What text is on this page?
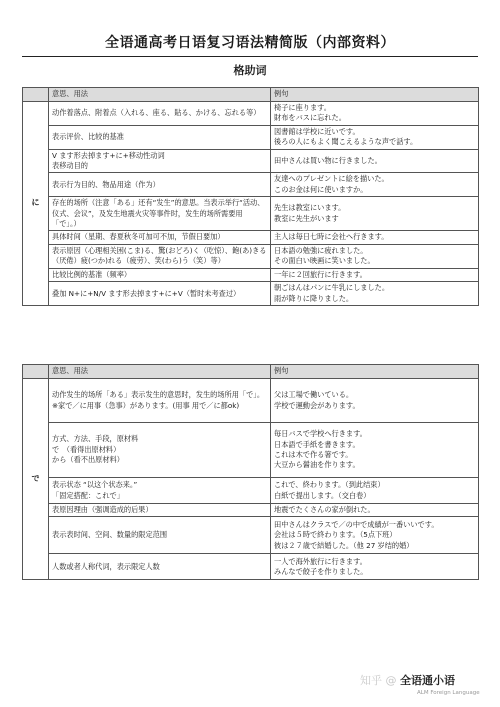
全语通高考日语复习语法精简版（内部资料）
格助词
	意思、用法	例句
に	动作着落点、附着点（入れる、座る、貼る、かける、忘れる等）	椅子に座ります。
財布をバスに忘れた。

	表示评价、比较的基准	図書館は学校に近いです。
後ろの人にもよく聞こえるような声で話す。

	V ます形去掉ます+に+移动性动词
表移动目的	田中さんは買い物に行きました。

	表示行为目的、物品用途（作为）	友達へのプレゼントに絵を描いた。
このお金は何に使いますか。

	存在的场所（注意「ある」还有“发生”的意思。当表示举行“活动、仪式、会议”，及发生地震火灾等事件时，发生的场所需要用「で」。）	先生は教室にいます。
教室に先生がいます

	具体时间（星期、春夏秋冬可加可不加，节假日要加）	主人は毎日七時に会社へ行きます。

	表示原因（心理相关困(こま)る、驚(おどろ)く（吃惊）、飽(あ)きる（厌倦）疲(つか)れる（疲劳）、笑(わら)う（笑）等）	日本語の勉強に疲れました。
その面白い映画に笑いました。

	比较比例的基准（频率）	一年に２回旅行に行きます。

	叠加 N+に+N/V ます形去掉ます+に+V（暂时未考查过）	朝ごはんはパンに牛乳にしました。
雨が降りに降りました。
	意思、用法	例句
で	动作发生的场所「ある」表示发生的意思时，发生的场所用「で」。
※家で／に用事（急事）があります。(用事 用で／に都ok)	父は工場で働いている。
学校で運動会があります。

	方式、方法、手段，原材料
で　（看得出原材料）
から（看不出原材料）	毎日バスで学校へ行きます。
日本語で手紙を書きます。
これは木で作る箸です。
大豆から醤油を作ります。

	表示状态 “以这个状态来。”
「固定搭配：これで」	これで、終わります。（到此结束）
白紙で提出します。（交白卷）

	表原因理由（强调造成的后果）	地震でたくさんの家が倒れた。

	表示表时间、空间、数量的限定范围	田中さんはクラスで／の中で成績が一番いいです。
会社は５時で終わります。（5点下班）
彼は２７歳で結婚した。（他 27 岁结的婚）

	人数或者人称代词，表示限定人数	一人で海外旅行に行きます。
みんなで餃子を作りました。
知乎 @ 全语通小语
ALM Foreign Language
